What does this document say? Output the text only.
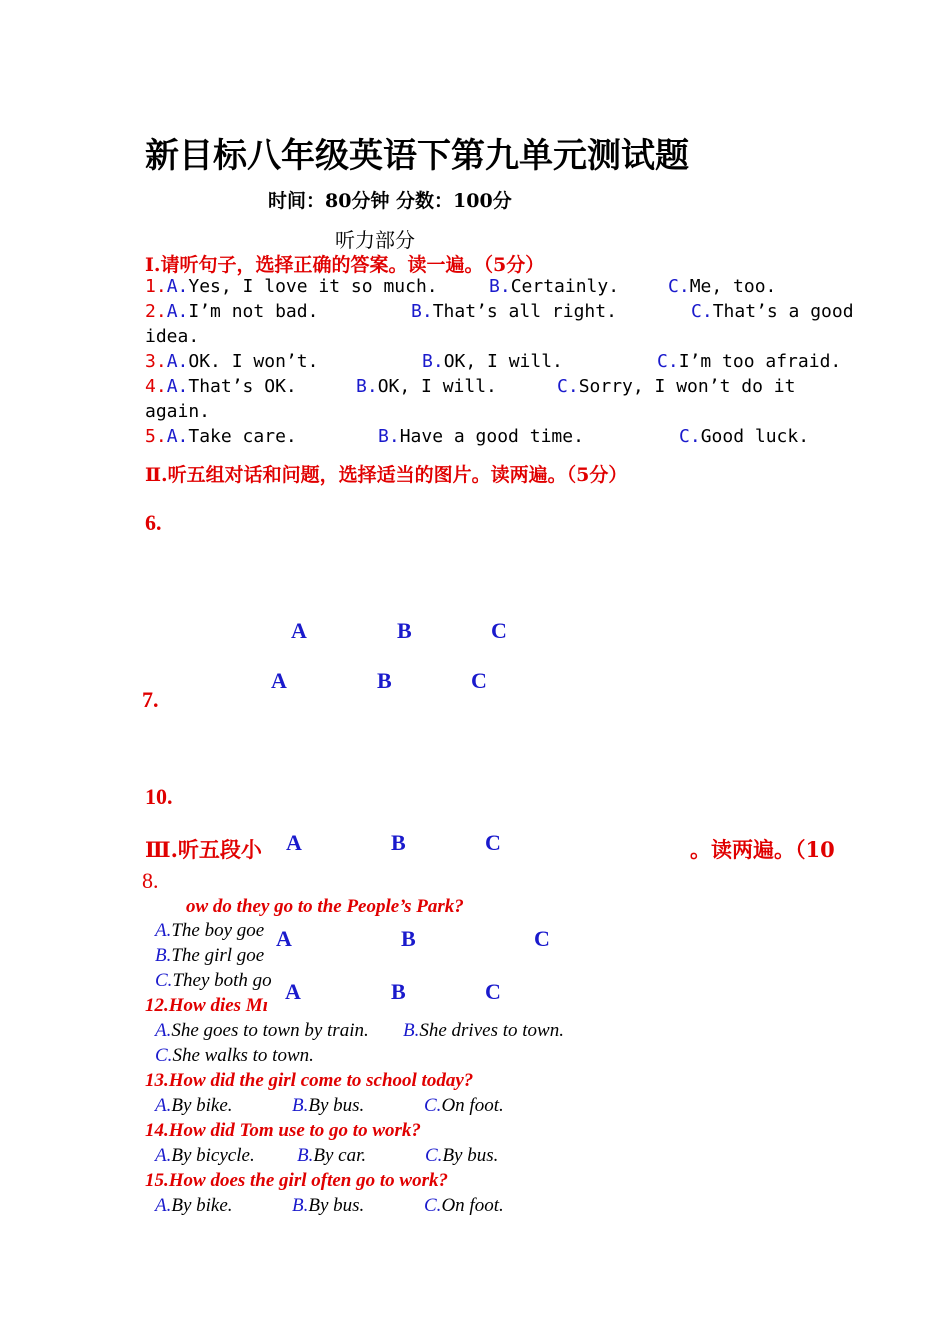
新目标八年级英语下第九单元测试题
时间：80分钟 分数：100分
听力部分
Ⅰ.请听句子，选择正确的答案。读一遍。（5分）
1.A.Yes, I love it so much.	B.Certainly.	C.Me, too.
2.A.I’m not bad.	B.That’s all right.	C.That’s a good
idea.
3.A.OK. I won’t.	B.OK, I will.	C.I’m too afraid.
4.A.That’s OK.	B.OK, I will.	C.Sorry, I won’t do it
again.
5.A.Take care.	B.Have a good time.	C.Good luck.
Ⅱ.听五组对话和问题，选择适当的图片。读两遍。（5分）
6.
A	B	C
A	B	C
7.
10.
Ⅲ.听五段小	。读两遍。（10
A	B	C
8.
ow do they go to the People’s Park?
A.The boy goe
B.The girl goe
C.They both go
A	B	C
12.How dies Mı
A	B	C
A.She goes to town by train. B.She drives to town.
C.She walks to town.
13.How did the girl come to school today?
A.By bike.	B.By bus.	C.On foot.
14.How did Tom use to go to work?
A.By bicycle. B.By car.	C.By bus.
15.How does the girl often go to work?
A.By bike.	B.By bus.	C.On foot.
